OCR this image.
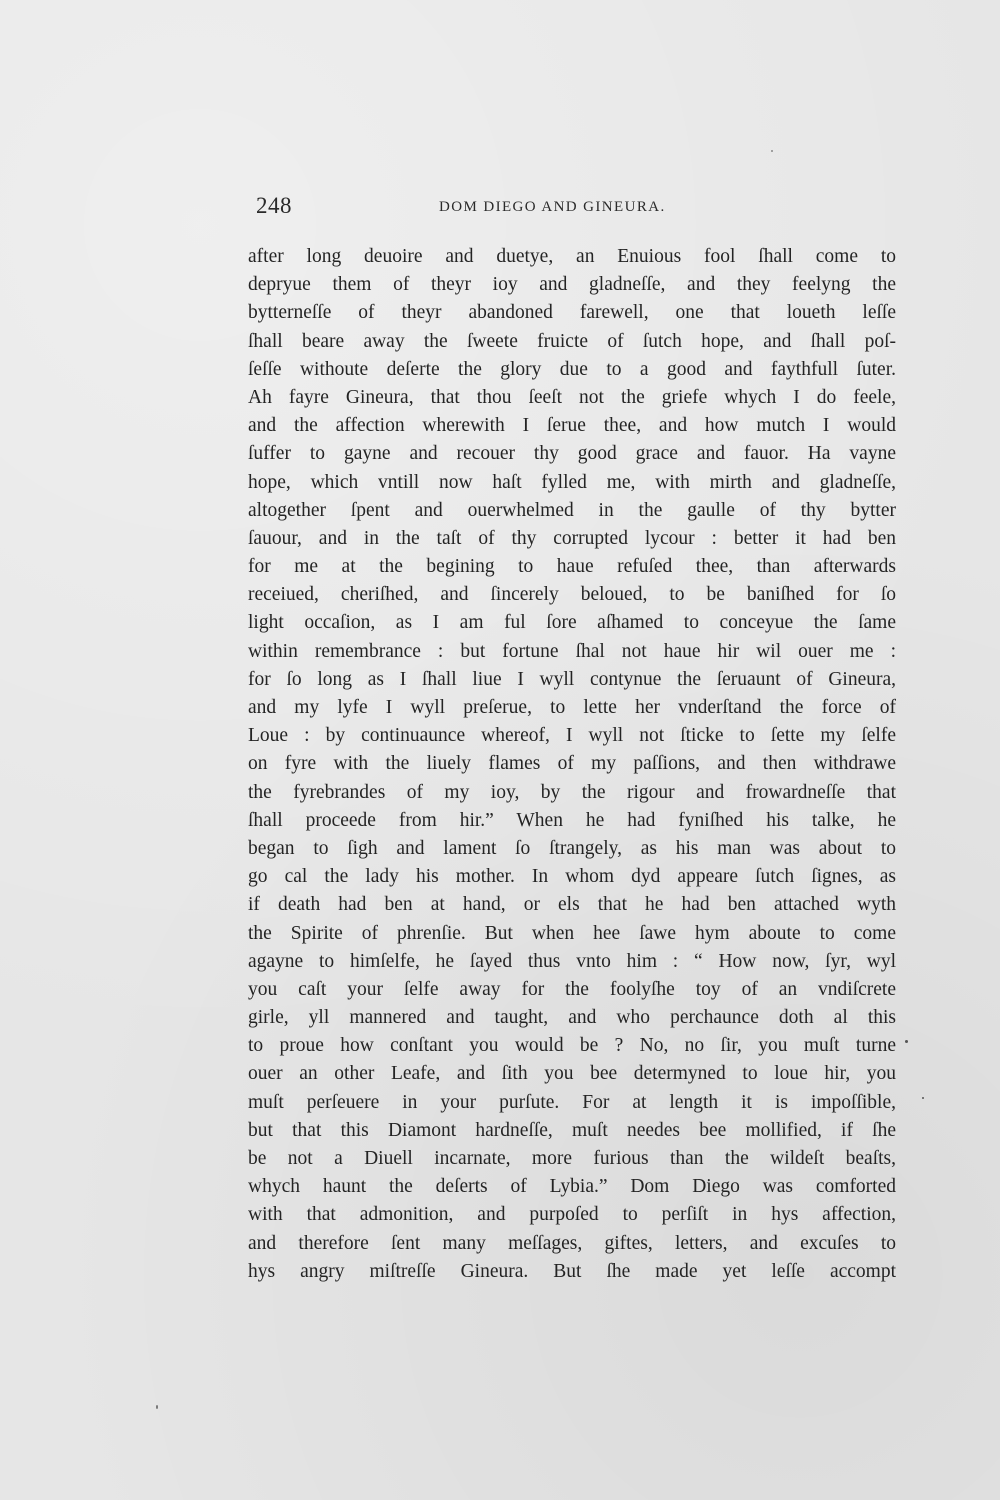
248	DOM DIEGO AND GINEURA.
after long deuoire and duetye, an Enuious fool ſhall come to
depryue them of theyr ioy and gladneſſe, and they feelyng the
bytterneſſe of theyr abandoned farewell, one that loueth leſſe
ſhall beare away the ſweete fruicte of ſutch hope, and ſhall poſ-
ſeſſe withoute deſerte the glory due to a good and faythfull ſuter.
Ah fayre Gineura, that thou ſeeſt not the griefe whych I do feele,
and the affection wherewith I ſerue thee, and how mutch I would
ſuffer to gayne and recouer thy good grace and fauor. Ha vayne
hope, which vntill now haſt fylled me, with mirth and gladneſſe,
altogether ſpent and ouerwhelmed in the gaulle of thy bytter
ſauour, and in the taſt of thy corrupted lycour : better it had ben
for me at the begining to haue refuſed thee, than afterwards
receiued, cheriſhed, and ſincerely beloued, to be baniſhed for ſo
light occaſion, as I am ful ſore aſhamed to conceyue the ſame
within remembrance : but fortune ſhal not haue hir wil ouer me :
for ſo long as I ſhall liue I wyll contynue the ſeruaunt of Gineura,
and my lyfe I wyll preſerue, to lette her vnderſtand the force of
Loue : by continuaunce whereof, I wyll not ſticke to ſette my ſelfe
on fyre with the liuely flames of my paſſions, and then withdrawe
the fyrebrandes of my ioy, by the rigour and frowardneſſe that
ſhall proceede from hir.” When he had fyniſhed his talke, he
began to ſigh and lament ſo ſtrangely, as his man was about to
go cal the lady his mother. In whom dyd appeare ſutch ſignes, as
if death had ben at hand, or els that he had ben attached wyth
the Spirite of phrenſie. But when hee ſawe hym aboute to come
agayne to himſelfe, he ſayed thus vnto him : “ How now, ſyr, wyl
you caſt your ſelfe away for the foolyſhe toy of an vndiſcrete
girle, yll mannered and taught, and who perchaunce doth al this
to proue how conſtant you would be ? No, no ſir, you muſt turne
ouer an other Leafe, and ſith you bee determyned to loue hir, you
muſt perſeuere in your purſute. For at length it is impoſſible,
but that this Diamont hardneſſe, muſt needes bee mollified, if ſhe
be not a Diuell incarnate, more furious than the wildeſt beaſts,
whych haunt the deſerts of Lybia.” Dom Diego was comforted
with that admonition, and purpoſed to perſiſt in hys affection,
and therefore ſent many meſſages, giftes, letters, and excuſes to
hys angry miſtreſſe Gineura. But ſhe made yet leſſe accompt
